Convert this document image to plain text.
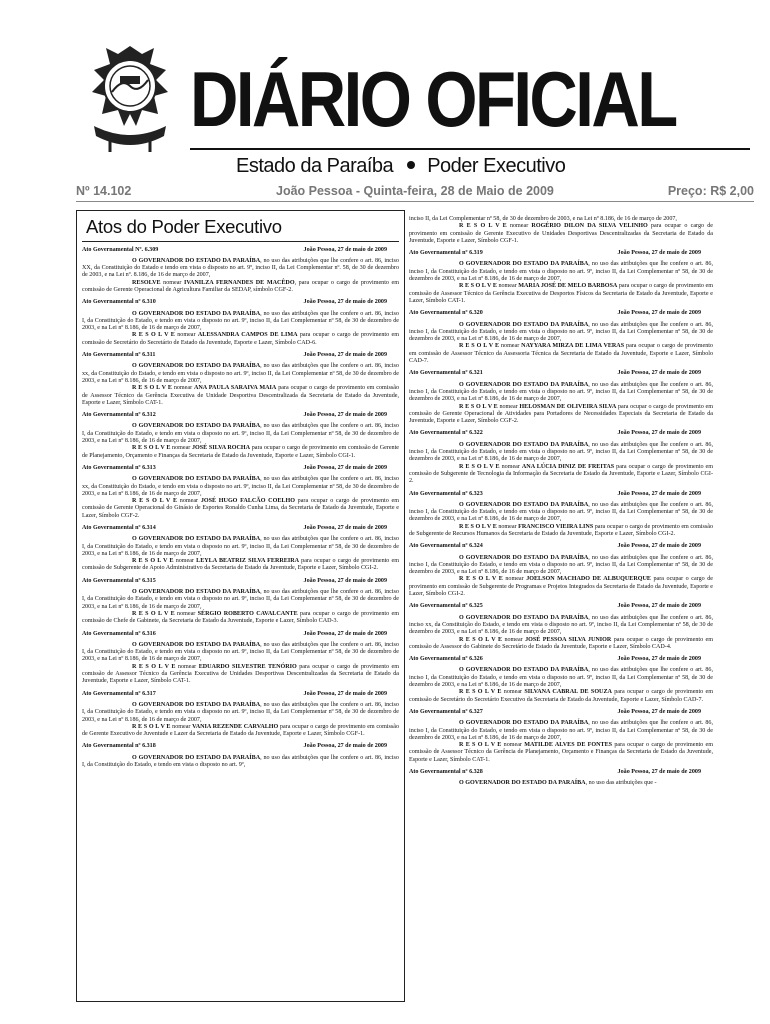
DIÁRIO OFICIAL
Estado da Paraíba Poder Executivo
Nº 14.102	João Pessoa - Quinta-feira, 28 de Maio de 2009	Preço: R$ 2,00
Atos do Poder Executivo
Ato Governamental Nº. 6.309	João Pessoa, 27 de maio de 2009

O GOVERNADOR DO ESTADO DA PARAÍBA, no uso das atribuições que lhe confere o art. 86, inciso XX, da Constituição do Estado e tendo em vista o disposto no art. 9º, inciso II, da Lei Complementar nº. 58, de 30 de dezembro de 2003, e na Lei nº. 8.186, de 16 de março de 2007,

RESOLVE nomear IVANILZA FERNANDES DE MACÊDO, para ocupar o cargo de provimento em comissão de Gerente Operacional de Agricultura Familiar da SEDAP, símbolo CGF-2.

Ato Governamental nº 6.310	João Pessoa, 27 de maio de 2009

O GOVERNADOR DO ESTADO DA PARAÍBA, no uso das atribuições que lhe confere o art. 86, inciso I, da Constituição do Estado, e tendo em vista o disposto no art. 9º, inciso II, da Lei Complementar nº 58, de 30 de dezembro de 2003, e na Lei nº 8.186, de 16 de março de 2007,

R E S O L V E nomear ALESSANDRA CAMPOS DE LIMA para ocupar o cargo de provimento em comissão de Secretário do Secretário de Estado da Juventude, Esporte e Lazer, Símbolo CAD-6.

Ato Governamental nº 6.311	João Pessoa, 27 de maio de 2009

O GOVERNADOR DO ESTADO DA PARAÍBA, no uso das atribuições que lhe confere o art. 86, inciso xx, da Constituição do Estado, e tendo em vista o disposto no art. 9º, inciso II, da Lei Complementar nº 58, de 30 de dezembro de 2003, e na Lei nº 8.186, de 16 de março de 2007,

R E S O L V E nomear ANA PAULA SARAIVA MAIA para ocupar o cargo de provimento em comissão de Assessor Técnico da Gerência Executiva de Unidade Desportiva Descentralizada da Secretaria de Estado da Juventude, Esporte e Lazer, Símbolo CAT-1.

Ato Governamental nº 6.312	João Pessoa, 27 de maio de 2009

O GOVERNADOR DO ESTADO DA PARAÍBA, no uso das atribuições que lhe confere o art. 86, inciso I, da Constituição do Estado, e tendo em vista o disposto no art. 9º, inciso II, da Lei Complementar nº 58, de 30 de dezembro de 2003, e na Lei nº 8.186, de 16 de março de 2007,

R E S O L V E nomear JOSÉ SILVA ROCHA para ocupar o cargo de provimento em comissão de Gerente de Planejamento, Orçamento e Finanças da Secretaria de Estado da Juventude, Esporte e Lazer, Símbolo CGI-1.

Ato Governamental nº 6.313	João Pessoa, 27 de maio de 2009

O GOVERNADOR DO ESTADO DA PARAÍBA, no uso das atribuições que lhe confere o art. 86, inciso xx, da Constituição do Estado, e tendo em vista o disposto no art. 9º, inciso II, da Lei Complementar nº 58, de 30 de dezembro de 2003, e na Lei nº 8.186, de 16 de março de 2007,

R E S O L V E nomear JOSÉ HUGO FALCÃO COELHO para ocupar o cargo de provimento em comissão de Gerente Operacional do Ginásio de Esportes Ronaldo Cunha Lima, da Secretaria de Estado da Juventude, Esporte e Lazer, Símbolo CGF-2.

Ato Governamental nº 6.314	João Pessoa, 27 de maio de 2009

O GOVERNADOR DO ESTADO DA PARAÍBA, no uso das atribuições que lhe confere o art. 86, inciso I, da Constituição do Estado, e tendo em vista o disposto no art. 9º, inciso II, da Lei Complementar nº 58, de 30 de dezembro de 2003, e na Lei nº 8.186, de 16 de março de 2007,

R E S O L V E nomear LEYLA BEATRIZ SILVA FERREIRA para ocupar o cargo de provimento em comissão de Subgerente de Apoio Administrativo da Secretaria de Estado da Juventude, Esporte e Lazer, Símbolo CGI-2.

Ato Governamental nº 6.315	João Pessoa, 27 de maio de 2009

O GOVERNADOR DO ESTADO DA PARAÍBA, no uso das atribuições que lhe confere o art. 86, inciso I, da Constituição do Estado, e tendo em vista o disposto no art. 9º, inciso II, da Lei Complementar nº 58, de 30 de dezembro de 2003, e na Lei nº 8.186, de 16 de março de 2007,

R E S O L V E nomear SÉRGIO ROBERTO CAVALCANTE para ocupar o cargo de provimento em comissão de Chefe de Gabinete, da Secretaria de Estado da Juventude, Esporte e Lazer, Símbolo CAD-3.

Ato Governamental nº 6.316	João Pessoa, 27 de maio de 2009

O GOVERNADOR DO ESTADO DA PARAÍBA, no uso das atribuições que lhe confere o art. 86, inciso I, da Constituição do Estado, e tendo em vista o disposto no art. 9º, inciso II, da Lei Complementar nº 58, de 30 de dezembro de 2003, e na Lei nº 8.186, de 16 de março de 2007,

R E S O L V E nomear EDUARDO SILVESTRE TENÓRIO para ocupar o cargo de provimento em comissão de Assessor Técnico da Gerência Executiva de Unidades Desportivas Descentralizadas da Secretaria de Estado da Juventude, Esporte e Lazer, Símbolo CAT-1.

Ato Governamental nº 6.317	João Pessoa, 27 de maio de 2009

O GOVERNADOR DO ESTADO DA PARAÍBA, no uso das atribuições que lhe confere o art. 86, inciso I, da Constituição do Estado, e tendo em vista o disposto no art. 9º, inciso II, da Lei Complementar nº 58, de 30 de dezembro de 2003, e na Lei nº 8.186, de 16 de março de 2007,

R E S O L V E nomear VANIA REZENDE CARVALHO para ocupar o cargo de provimento em comissão de Gerente Executivo de Juventude e Lazer da Secretaria de Estado da Juventude, Esporte e Lazer, Símbolo CGF-1.

Ato Governamental nº 6.318	João Pessoa, 27 de maio de 2009

O GOVERNADOR DO ESTADO DA PARAÍBA, no uso das atribuições que lhe confere o art. 86, inciso I, da Constituição do Estado, e tendo em vista o disposto no art. 9º,

inciso II, da Lei Complementar nº 58, de 30 de dezembro de 2003, e na Lei nº 8.186, de 16 de março de 2007,

R E S O L V E nomear ROGÉRIO DILON DA SILVA VELINHO para ocupar o cargo de provimento em comissão de Gerente Executivo de Unidades Desportivas Descentralizadas da Secretaria de Estado da Juventude, Esporte e Lazer, Símbolo CGF-1.

Ato Governamental nº 6.319	João Pessoa, 27 de maio de 2009

O GOVERNADOR DO ESTADO DA PARAÍBA, no uso das atribuições que lhe confere o art. 86, inciso I, da Constituição do Estado, e tendo em vista o disposto no art. 9º, inciso II, da Lei Complementar nº 58, de 30 de dezembro de 2003, e na Lei nº 8.186, de 16 de março de 2007,

R E S O L V E nomear MARIA JOSÉ DE MELO BARBOSA para ocupar o cargo de provimento em comissão de Assessor Técnico da Gerência Executiva de Desportos Físicos da Secretaria de Estado da Juventude, Esporte e Lazer, Símbolo CAT-1.

Ato Governamental nº 6.320	João Pessoa, 27 de maio de 2009

O GOVERNADOR DO ESTADO DA PARAÍBA, no uso das atribuições que lhe confere o art. 86, inciso I, da Constituição do Estado, e tendo em vista o disposto no art. 9º, inciso II, da Lei Complementar nº 58, de 30 de dezembro de 2003, e na Lei nº 8.186, de 16 de março de 2007,

R E S O L V E nomear NAYYARA MIRZA DE LIMA VERAS para ocupar o cargo de provimento em comissão de Assessor Técnico da Assessoria Técnica da Secretaria de Estado da Juventude, Esporte e Lazer, Símbolo CAD-7.

Ato Governamental nº 6.321	João Pessoa, 27 de maio de 2009

O GOVERNADOR DO ESTADO DA PARAÍBA, no uso das atribuições que lhe confere o art. 86, inciso I, da Constituição do Estado, e tendo em vista o disposto no art. 9º, inciso II, da Lei Complementar nº 58, de 30 de dezembro de 2003, e na Lei nº 8.186, de 16 de março de 2007,

R E S O L V E nomear HELOSMAN DE OLIVEIRA SILVA para ocupar o cargo de provimento em comissão de Gerente Operacional de Atividades para Portadores de Necessidades Especiais da Secretaria de Estado da Juventude, Esporte e Lazer, Símbolo CGF-2.

Ato Governamental nº 6.322	João Pessoa, 27 de maio de 2009

O GOVERNADOR DO ESTADO DA PARAÍBA, no uso das atribuições que lhe confere o art. 86, inciso I, da Constituição do Estado, e tendo em vista o disposto no art. 9º, inciso II, da Lei Complementar nº 58, de 30 de dezembro de 2003, e na Lei nº 8.186, de 16 de março de 2007,

R E S O L V E nomear ANA LÚCIA DINIZ DE FREITAS para ocupar o cargo de provimento em comissão de Subgerente de Tecnologia da Informação da Secretaria de Estado da Juventude, Esporte e Lazer, Símbolo CGI-2.

Ato Governamental nº 6.323	João Pessoa, 27 de maio de 2009

O GOVERNADOR DO ESTADO DA PARAÍBA, no uso das atribuições que lhe confere o art. 86, inciso I, da Constituição do Estado, e tendo em vista o disposto no art. 9º, inciso II, da Lei Complementar nº 58, de 30 de dezembro de 2003, e na Lei nº 8.186, de 16 de março de 2007,

R E S O L V E nomear FRANCISCO VIEIRA LINS para ocupar o cargo de provimento em comissão de Subgerente de Recursos Humanos da Secretaria de Estado da Juventude, Esporte e Lazer, Símbolo CGI-2.

Ato Governamental nº 6.324	João Pessoa, 27 de maio de 2009

O GOVERNADOR DO ESTADO DA PARAÍBA, no uso das atribuições que lhe confere o art. 86, inciso I, da Constituição do Estado, e tendo em vista o disposto no art. 9º, inciso II, da Lei Complementar nº 58, de 30 de dezembro de 2003, e na Lei nº 8.186, de 16 de março de 2007,

R E S O L V E nomear JOELSON MACHADO DE ALBUQUERQUE para ocupar o cargo de provimento em comissão de Subgerente de Programas e Projetos Integrados da Secretaria de Estado da Juventude, Esporte e Lazer, Símbolo CGI-2.

Ato Governamental nº 6.325	João Pessoa, 27 de maio de 2009

O GOVERNADOR DO ESTADO DA PARAÍBA, no uso das atribuições que lhe confere o art. 86, inciso xx, da Constituição do Estado, e tendo em vista o disposto no art. 9º, inciso II, da Lei Complementar nº 58, de 30 de dezembro de 2003, e na Lei nº 8.186, de 16 de março de 2007,

R E S O L V E nomear JOSÉ PESSOA SILVA JUNIOR para ocupar o cargo de provimento em comissão de Assessor do Gabinete do Secretário de Estado da Juventude, Esporte e Lazer, Símbolo CAD-4.

Ato Governamental nº 6.326	João Pessoa, 27 de maio de 2009

O GOVERNADOR DO ESTADO DA PARAÍBA, no uso das atribuições que lhe confere o art. 86, inciso I, da Constituição do Estado, e tendo em vista o disposto no art. 9º, inciso II, da Lei Complementar nº 58, de 30 de dezembro de 2003, e na Lei nº 8.186, de 16 de março de 2007,

R E S O L V E nomear SILVANA CABRAL DE SOUZA para ocupar o cargo de provimento em comissão de Secretário do Secretário Executivo da Secretaria de Estado da Juventude, Esporte e Lazer, Símbolo CAD-7.

Ato Governamental nº 6.327	João Pessoa, 27 de maio de 2009

O GOVERNADOR DO ESTADO DA PARAÍBA, no uso das atribuições que lhe confere o art. 86, inciso I, da Constituição do Estado, e tendo em vista o disposto no art. 9º, inciso II, da Lei Complementar nº 58, de 30 de dezembro de 2003, e na Lei nº 8.186, de 16 de março de 2007,

R E S O L V E nomear MATILDE ALVES DE FONTES para ocupar o cargo de provimento em comissão de Assessor Técnico da Gerência de Planejamento, Orçamento e Finanças da Secretaria de Estado da Juventude, Esporte e Lazer, Símbolo CAT-1.

Ato Governamental nº 6.328	João Pessoa, 27 de maio de 2009

O GOVERNADOR DO ESTADO DA PARAÍBA, no uso das atribuições que -
